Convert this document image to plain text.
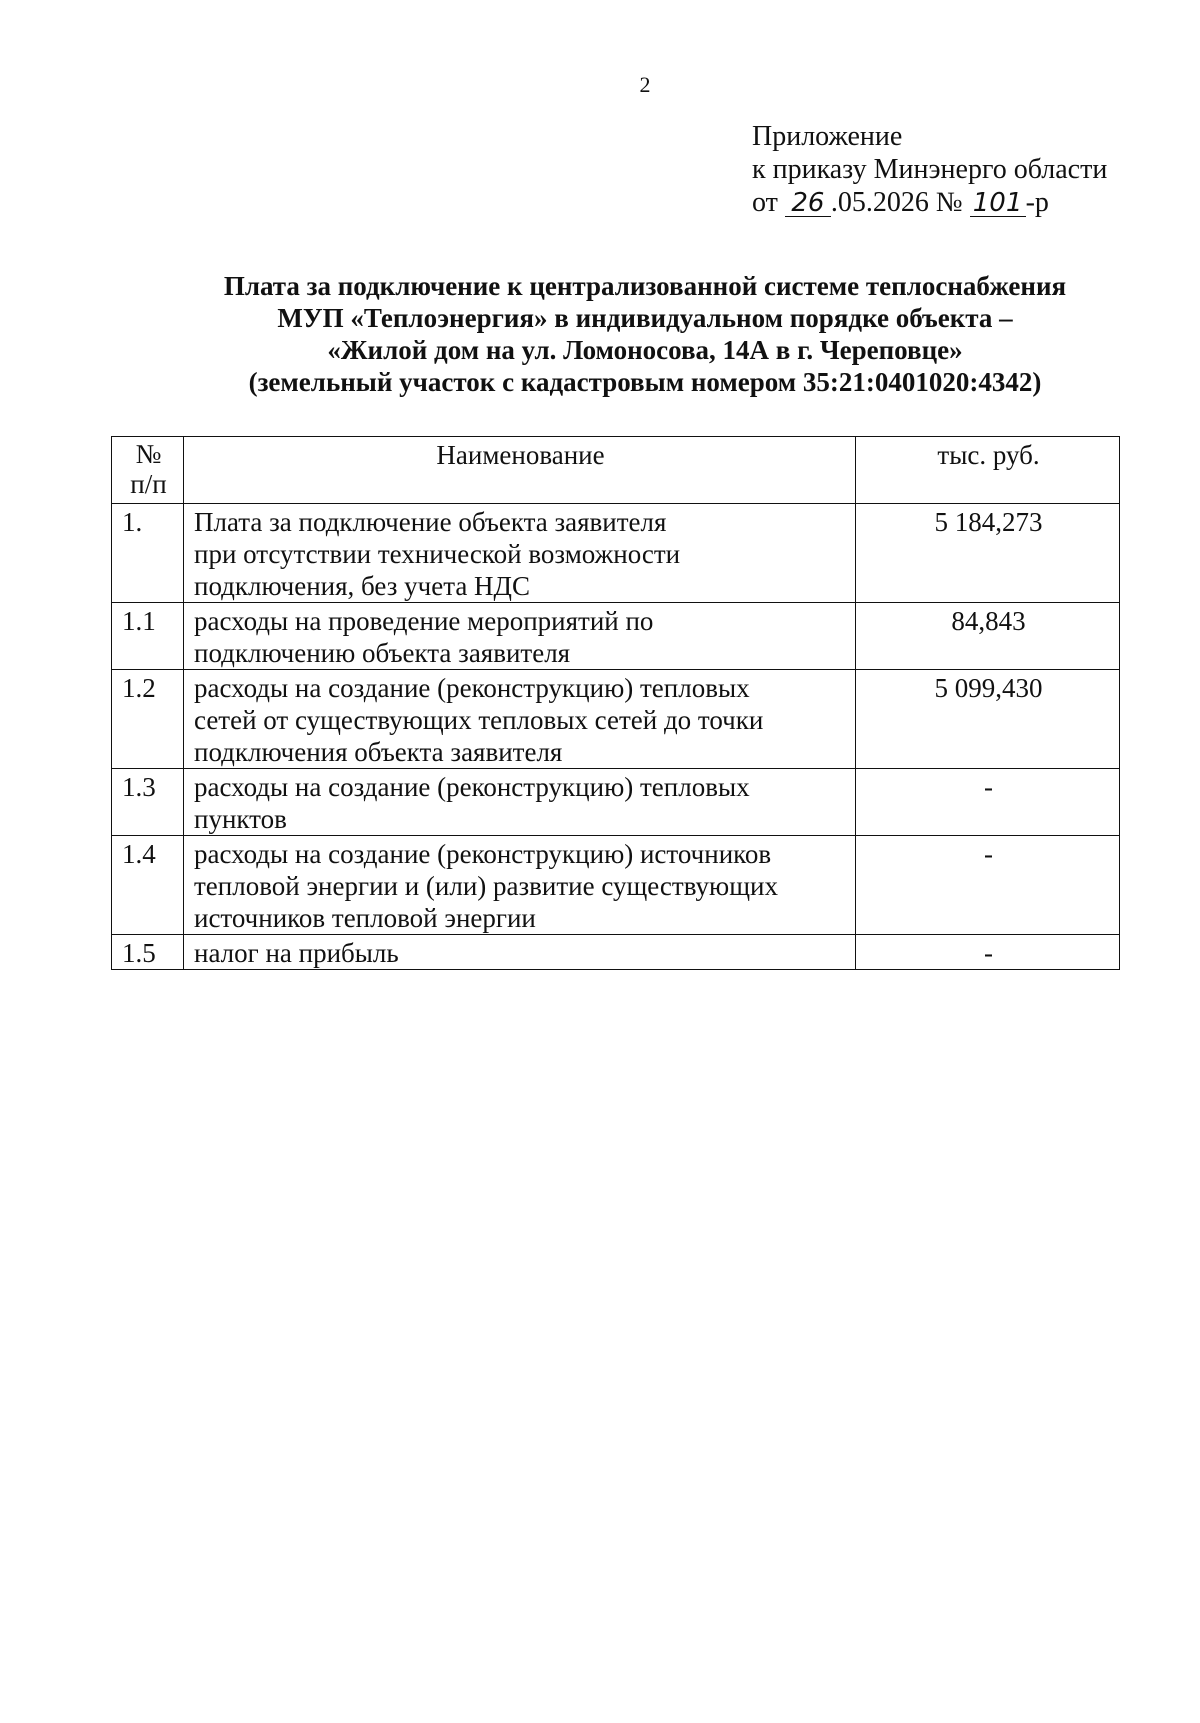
2
Приложение
к приказу Минэнерго области
от 26 .05.2026 № 101 -р
Плата за подключение к централизованной системе теплоснабжения
МУП «Теплоэнергия» в индивидуальном порядке объекта –
«Жилой дом на ул. Ломоносова, 14А в г. Череповце»
(земельный участок с кадастровым номером 35:21:0401020:4342)
№
п/п	Наименование	тыс. руб.
1.	Плата за подключение объекта заявителя
при отсутствии технической возможности
подключения, без учета НДС	5 184,273
1.1	расходы на проведение мероприятий по
подключению объекта заявителя	84,843
1.2	расходы на создание (реконструкцию) тепловых
сетей от существующих тепловых сетей до точки
подключения объекта заявителя	5 099,430
1.3	расходы на создание (реконструкцию) тепловых
пунктов	-
1.4	расходы на создание (реконструкцию) источников
тепловой энергии и (или) развитие существующих
источников тепловой энергии	-
1.5	налог на прибыль	-
